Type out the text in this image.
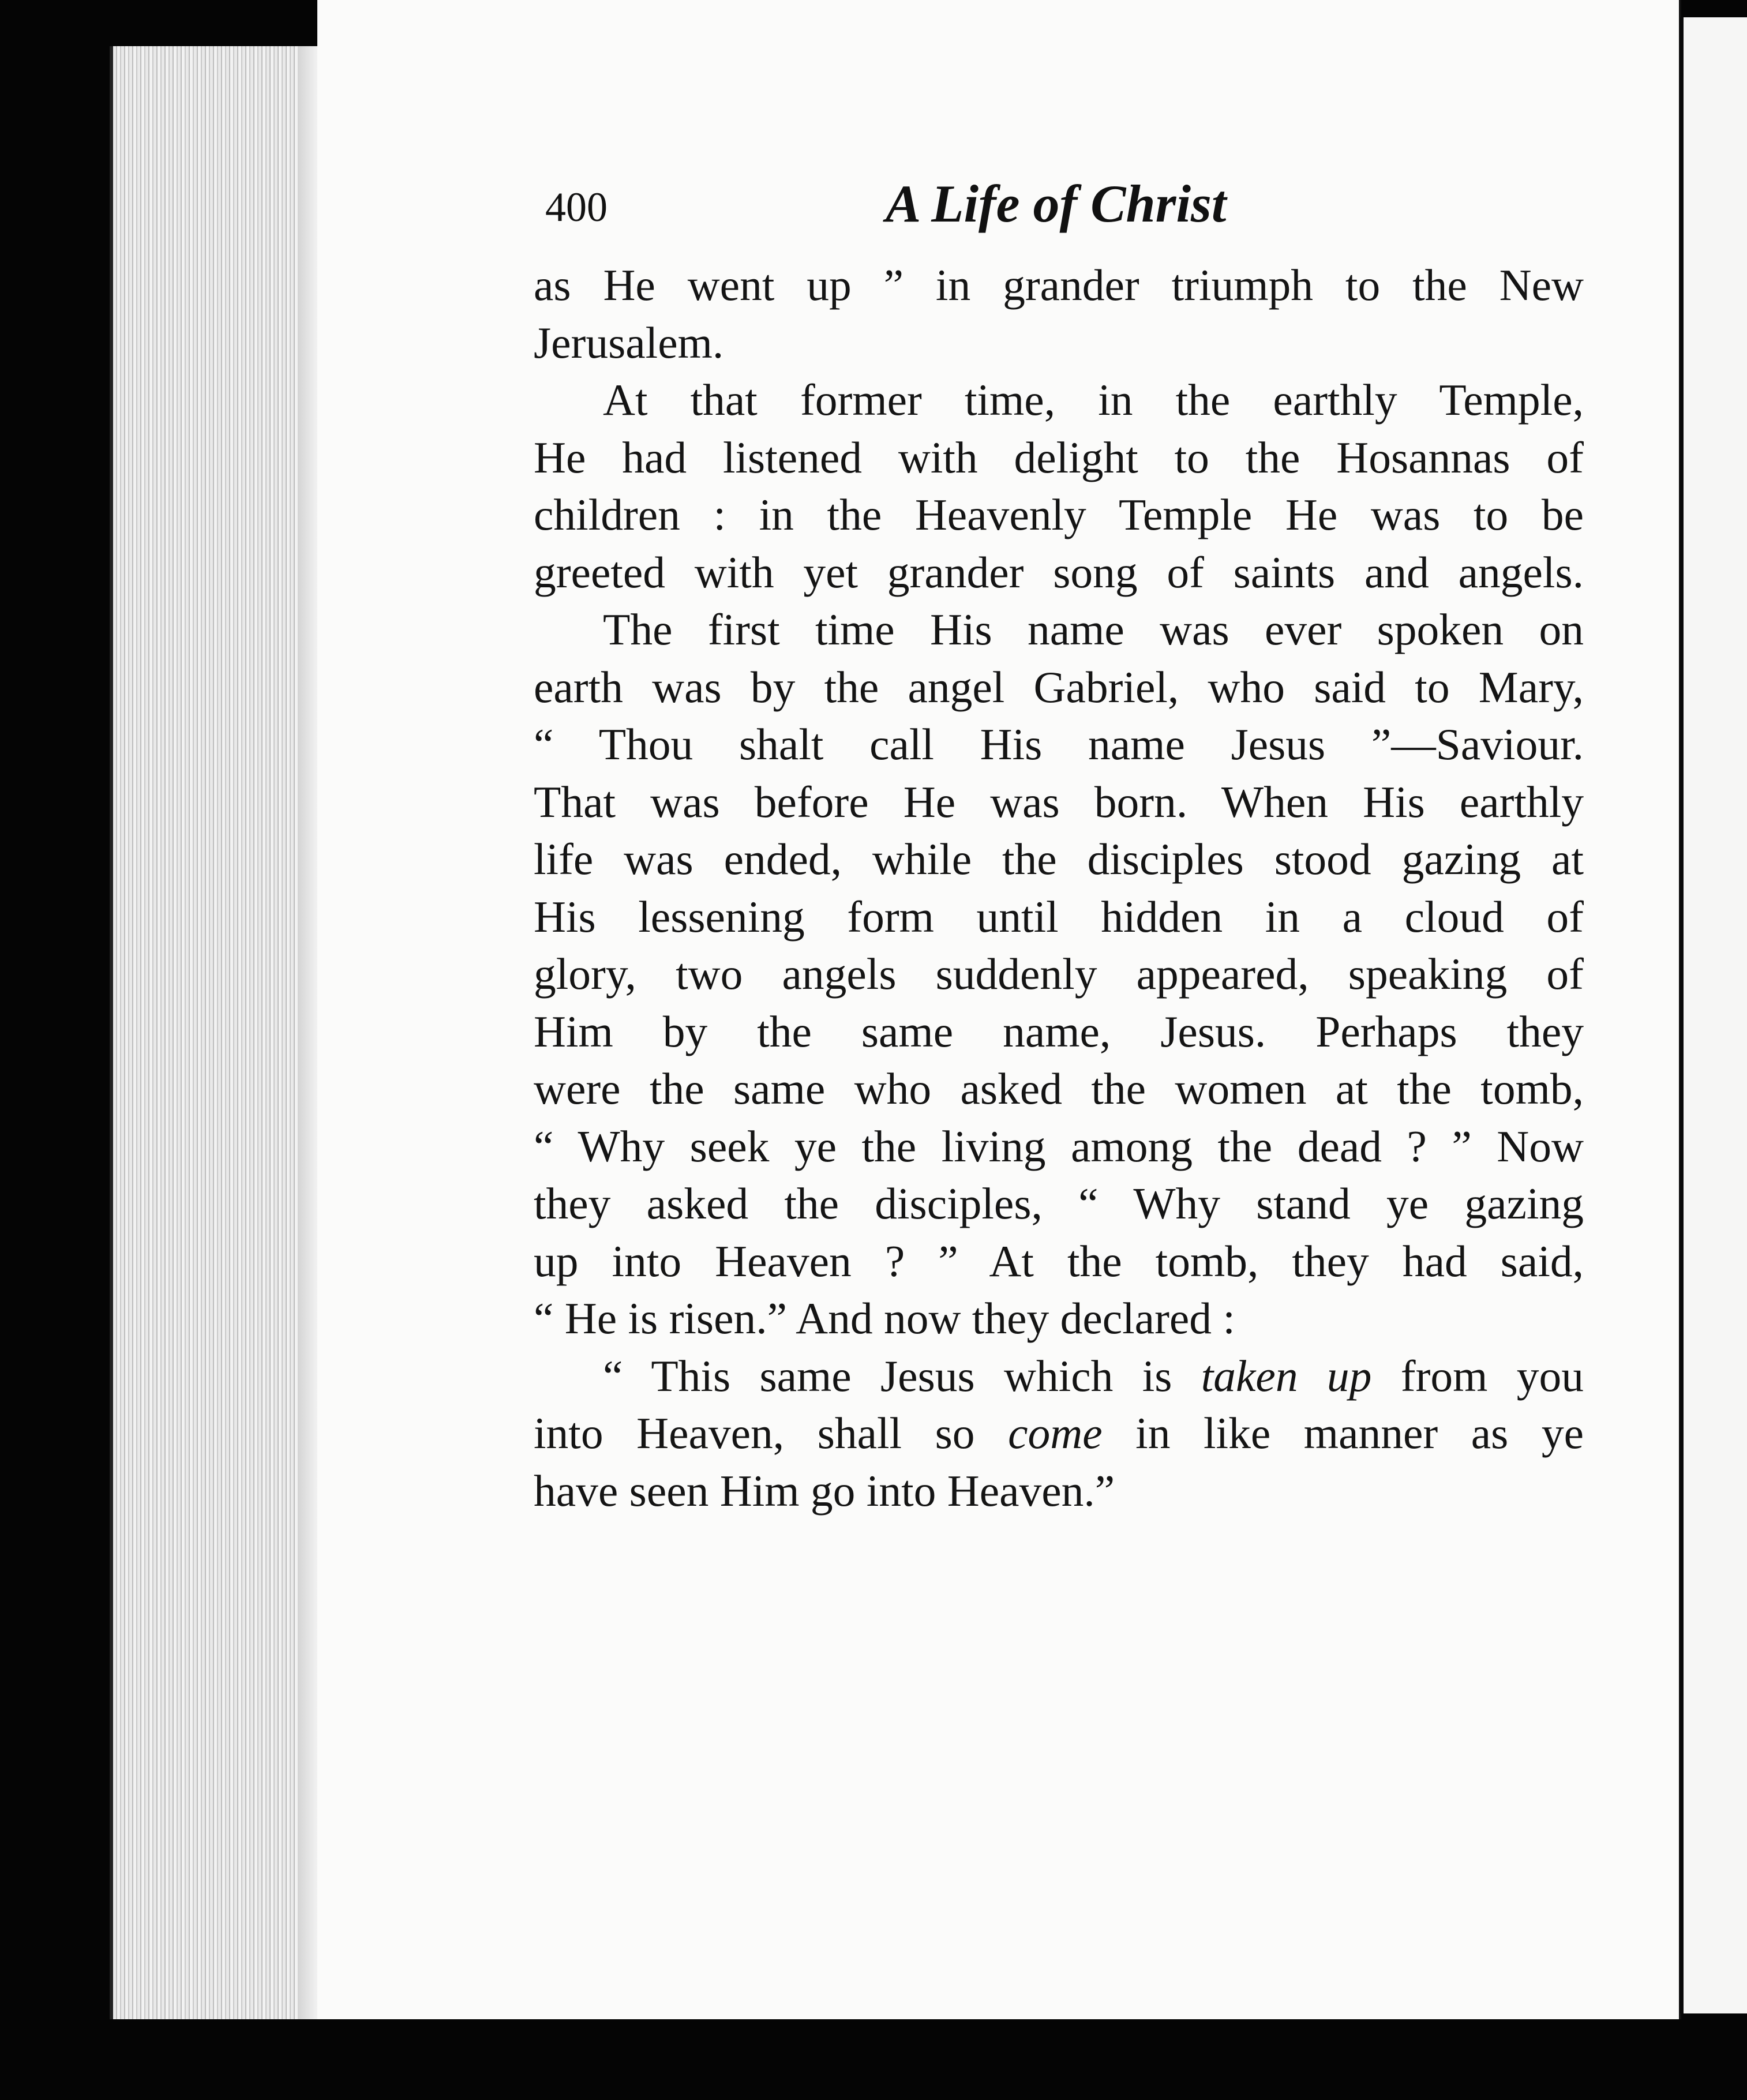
400	A Life of Christ

as He went up ” in grander triumph to the New

Jerusalem.

At that former time, in the earthly Temple,

He had listened with delight to the Hosannas of

children : in the Heavenly Temple He was to be

greeted with yet grander song of saints and angels.

The first time His name was ever spoken on

earth was by the angel Gabriel, who said to Mary,

“ Thou shalt call His name Jesus ”—Saviour.

That was before He was born. When His earthly

life was ended, while the disciples stood gazing at

His lessening form until hidden in a cloud of

glory, two angels suddenly appeared, speaking of

Him by the same name, Jesus. Perhaps they

were the same who asked the women at the tomb,

“ Why seek ye the living among the dead ? ” Now

they asked the disciples, “ Why stand ye gazing

up into Heaven ? ” At the tomb, they had said,

“ He is risen.” And now they declared :

“ This same Jesus which is taken up from you

into Heaven, shall so come in like manner as ye

have seen Him go into Heaven.”
